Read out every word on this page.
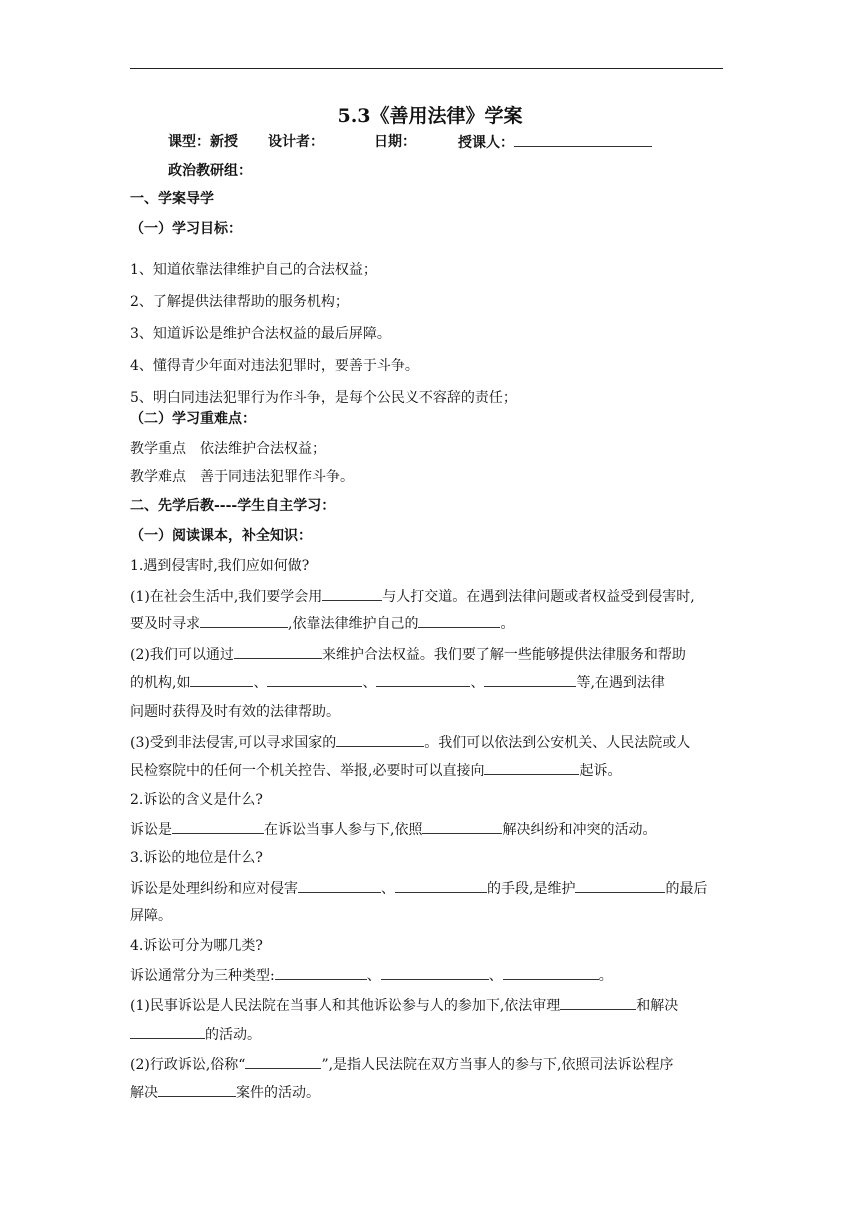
5.3《善用法律》学案
课型：新授 设计者：	日期：	授课人：
政治教研组：
一、学案导学
（一）学习目标：
1、知道依靠法律维护自己的合法权益；
2、了解提供法律帮助的服务机构；
3、知道诉讼是维护合法权益的最后屏障。
4、懂得青少年面对违法犯罪时，要善于斗争。
5、明白同违法犯罪行为作斗争，是每个公民义不容辞的责任；
（二）学习重难点：
教学重点　依法维护合法权益；
教学难点　善于同违法犯罪作斗争。
二、先学后教----学生自主学习：
（一）阅读课本，补全知识：
1.遇到侵害时,我们应如何做?
(1)在社会生活中,我们要学会用	与人打交道。在遇到法律问题或者权益受到侵害时,
要及时寻求	,依靠法律维护自己的	。
(2)我们可以通过	来维护合法权益。我们要了解一些能够提供法律服务和帮助
的机构,如	、	、	、	等,在遇到法律
问题时获得及时有效的法律帮助。
(3)受到非法侵害,可以寻求国家的	。我们可以依法到公安机关、人民法院或人
民检察院中的任何一个机关控告、举报,必要时可以直接向	起诉。
2.诉讼的含义是什么?
诉讼是	在诉讼当事人参与下,依照	解决纠纷和冲突的活动。
3.诉讼的地位是什么?
诉讼是处理纠纷和应对侵害	、	的手段,是维护	的最后
屏障。
4.诉讼可分为哪几类?
诉讼通常分为三种类型:	、	、	。
(1)民事诉讼是人民法院在当事人和其他诉讼参与人的参加下,依法审理	和解决
的活动。
(2)行政诉讼,俗称“	”,是指人民法院在双方当事人的参与下,依照司法诉讼程序
解决	案件的活动。
